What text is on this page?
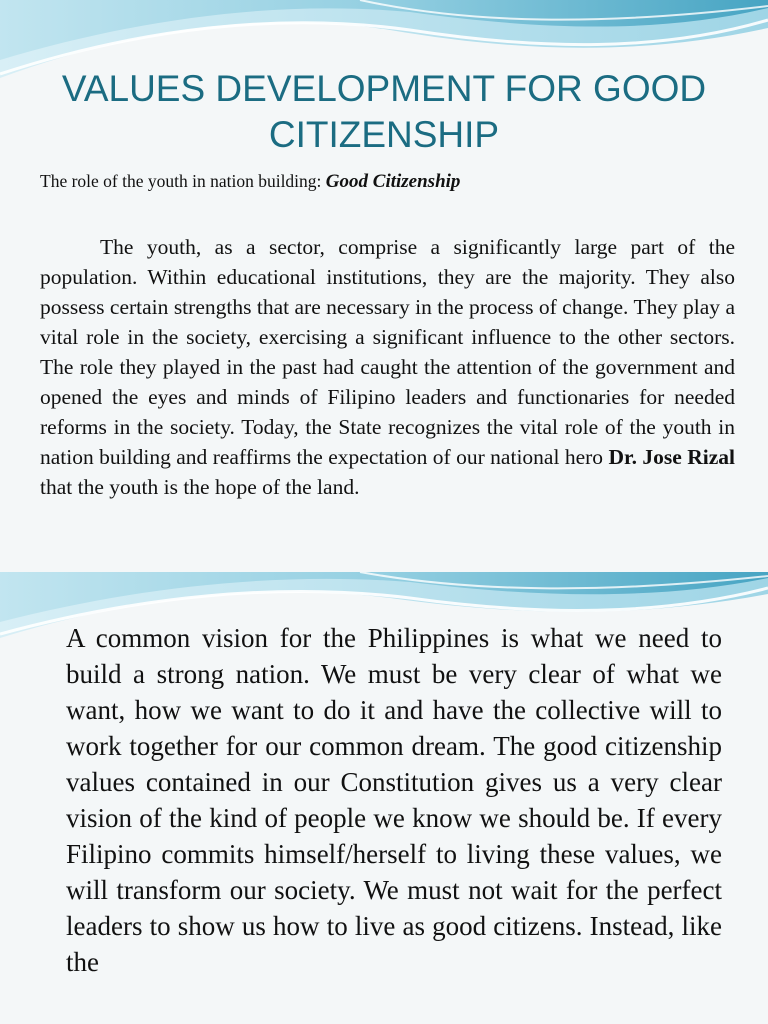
VALUES DEVELOPMENT FOR GOOD CITIZENSHIP
The role of the youth in nation building: Good Citizenship

The youth, as a sector, comprise a significantly large part of the population. Within educational institutions, they are the majority. They also possess certain strengths that are necessary in the process of change. They play a vital role in the society, exercising a significant influence to the other sectors. The role they played in the past had caught the attention of the government and opened the eyes and minds of Filipino leaders and functionaries for needed reforms in the society. Today, the State recognizes the vital role of the youth in nation building and reaffirms the expectation of our national hero Dr. Jose Rizal that the youth is the hope of the land.

A common vision for the Philippines is what we need to build a strong nation. We must be very clear of what we want, how we want to do it and have the collective will to work together for our common dream. The good citizenship values contained in our Constitution gives us a very clear vision of the kind of people we know we should be. If every Filipino commits himself/herself to living these values, we will transform our society. We must not wait for the perfect leaders to show us how to live as good citizens. Instead, like the
